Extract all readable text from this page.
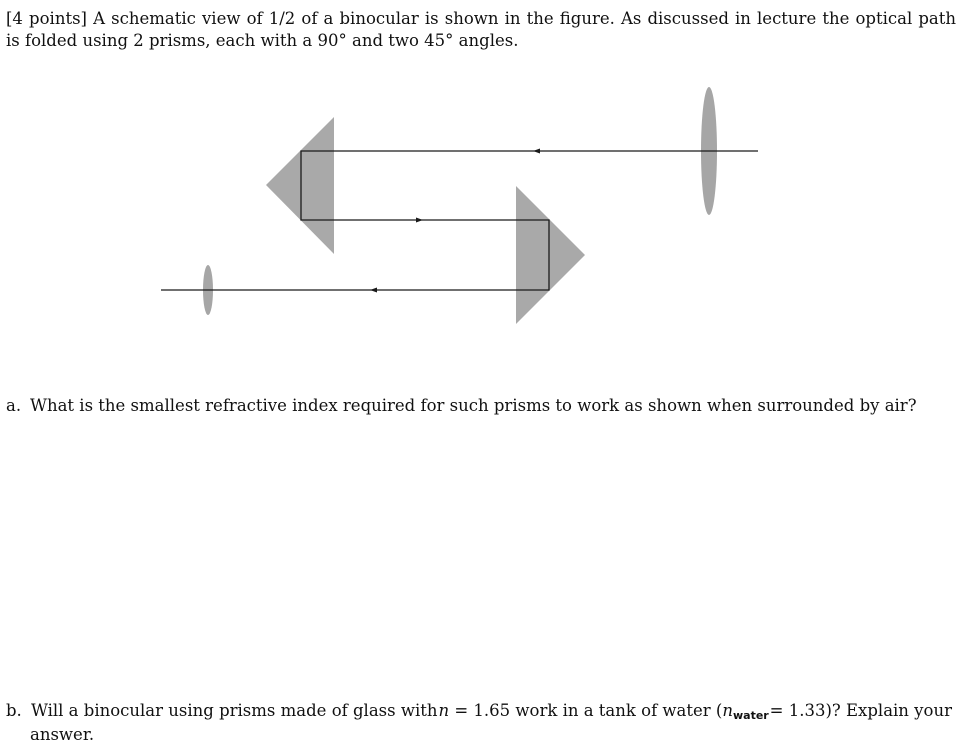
[4 points] A schematic view of 1/2 of a binocular is shown in the figure. As discussed in lecture the optical path is folded using 2 prisms, each with a 90° and two 45° angles.

a. What is the smallest refractive index required for such prisms to work as shown when surrounded by air?
b. Will a binocular using prisms made of glass with n = 1.65 work in a tank of water (nwater = 1.33)? Explain your
answer.
